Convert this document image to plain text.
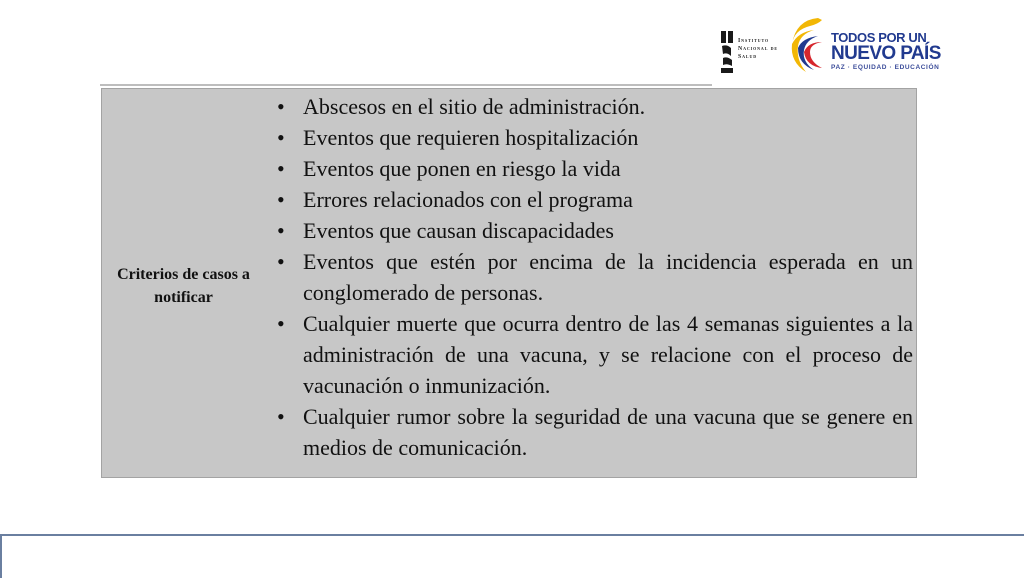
Instituto
Nacional de
Salud
TODOS POR UN
NUEVO PAÍS
PAZ · EQUIDAD · EDUCACIÓN
Criterios de casos a notificar
• Abscesos en el sitio de administración.
• Eventos que requieren hospitalización
• Eventos que ponen en riesgo la vida
• Errores relacionados con el programa
• Eventos que causan discapacidades
• Eventos que estén por encima de la incidencia esperada en un conglomerado de personas.
• Cualquier muerte que ocurra dentro de las 4 semanas siguientes a la administración de una vacuna, y se relacione con el proceso de vacunación o inmunización.
• Cualquier rumor sobre la seguridad de una vacuna que se genere en medios de comunicación.
